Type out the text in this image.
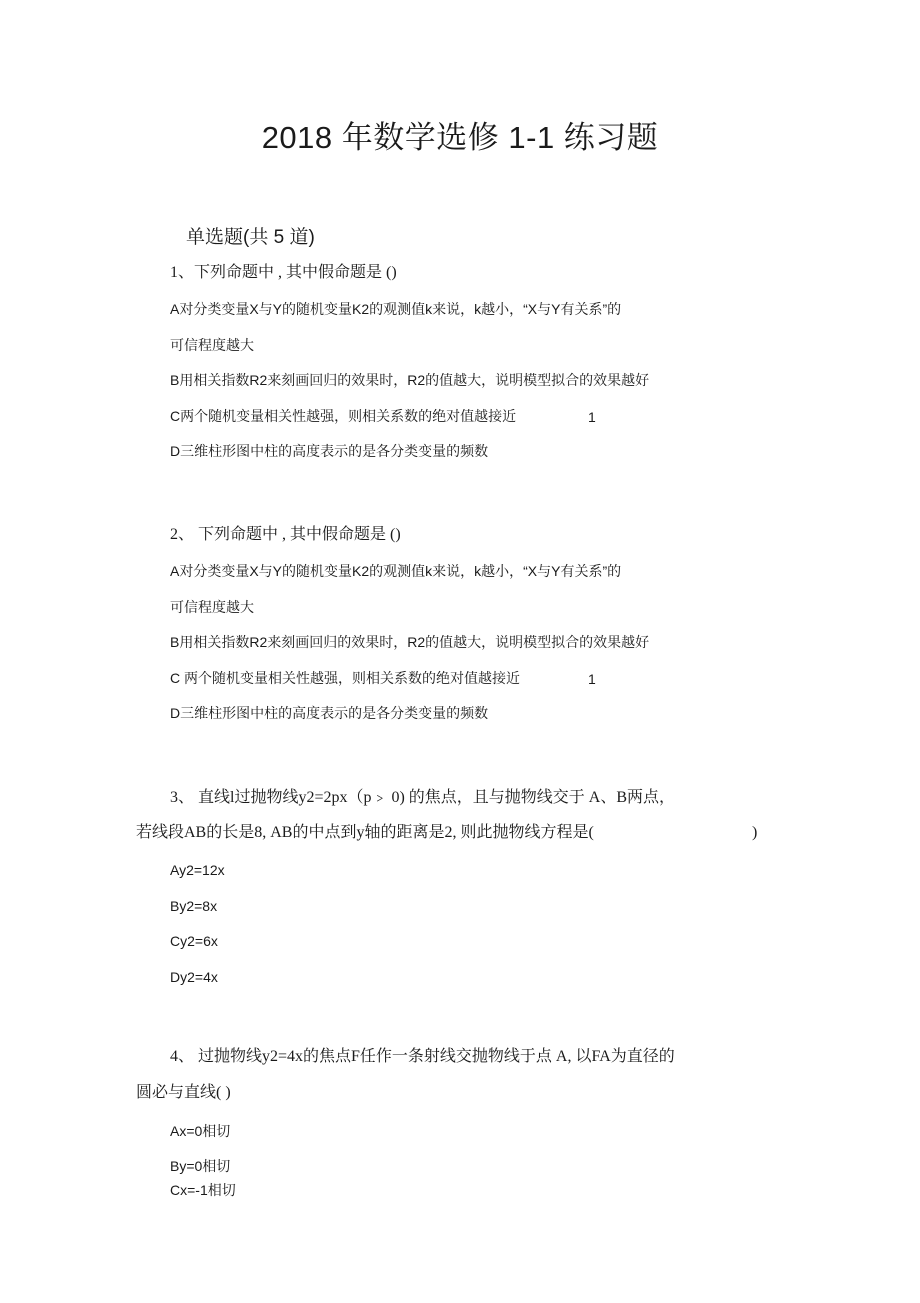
2018 年数学选修 1-1 练习题
单选题(共 5 道)
1、下列命题中 , 其中假命题是 ()
A对分类变量X与Y的随机变量K2的观测值k来说，k越小，“X与Y有关系”的
可信程度越大
B用相关指数R2来刻画回归的效果时，R2的值越大，说明模型拟合的效果越好
C两个随机变量相关性越强，则相关系数的绝对值越接近	1
D三维柱形图中柱的高度表示的是各分类变量的频数
2、 下列命题中 , 其中假命题是 ()
A对分类变量X与Y的随机变量K2的观测值k来说，k越小，“X与Y有关系”的
可信程度越大
B用相关指数R2来刻画回归的效果时，R2的值越大，说明模型拟合的效果越好
C 两个随机变量相关性越强，则相关系数的绝对值越接近	1
D三维柱形图中柱的高度表示的是各分类变量的频数
3、 直线l过抛物线y2=2px（p﹥ 0) 的焦点，且与抛物线交于 A、B两点，
若线段AB的长是8, AB的中点到y轴的距离是2, 则此抛物线方程是(	)
Ay2=12x
By2=8x
Cy2=6x
Dy2=4x
4、 过抛物线y2=4x的焦点F任作一条射线交抛物线于点 A, 以FA为直径的
圆必与直线( )
Ax=0相切
By=0相切
Cx=-1相切
